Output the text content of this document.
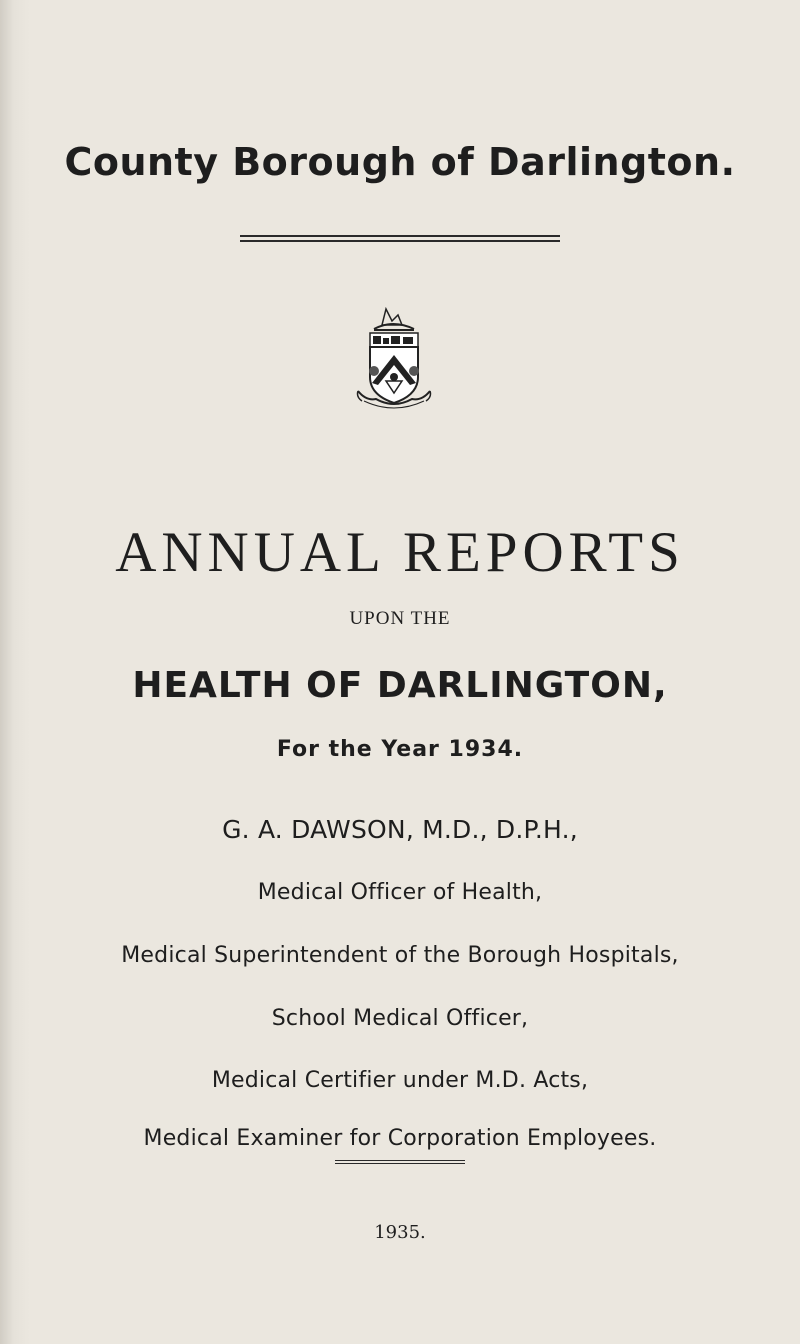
County Borough of Darlington.
ANNUAL REPORTS
UPON THE
HEALTH OF DARLINGTON,
For the Year 1934.
G. A. DAWSON, M.D., D.P.H.,
Medical Officer of Health,
Medical Superintendent of the Borough Hospitals,
School Medical Officer,
Medical Certifier under M.D. Acts,
Medical Examiner for Corporation Employees.
1935.
